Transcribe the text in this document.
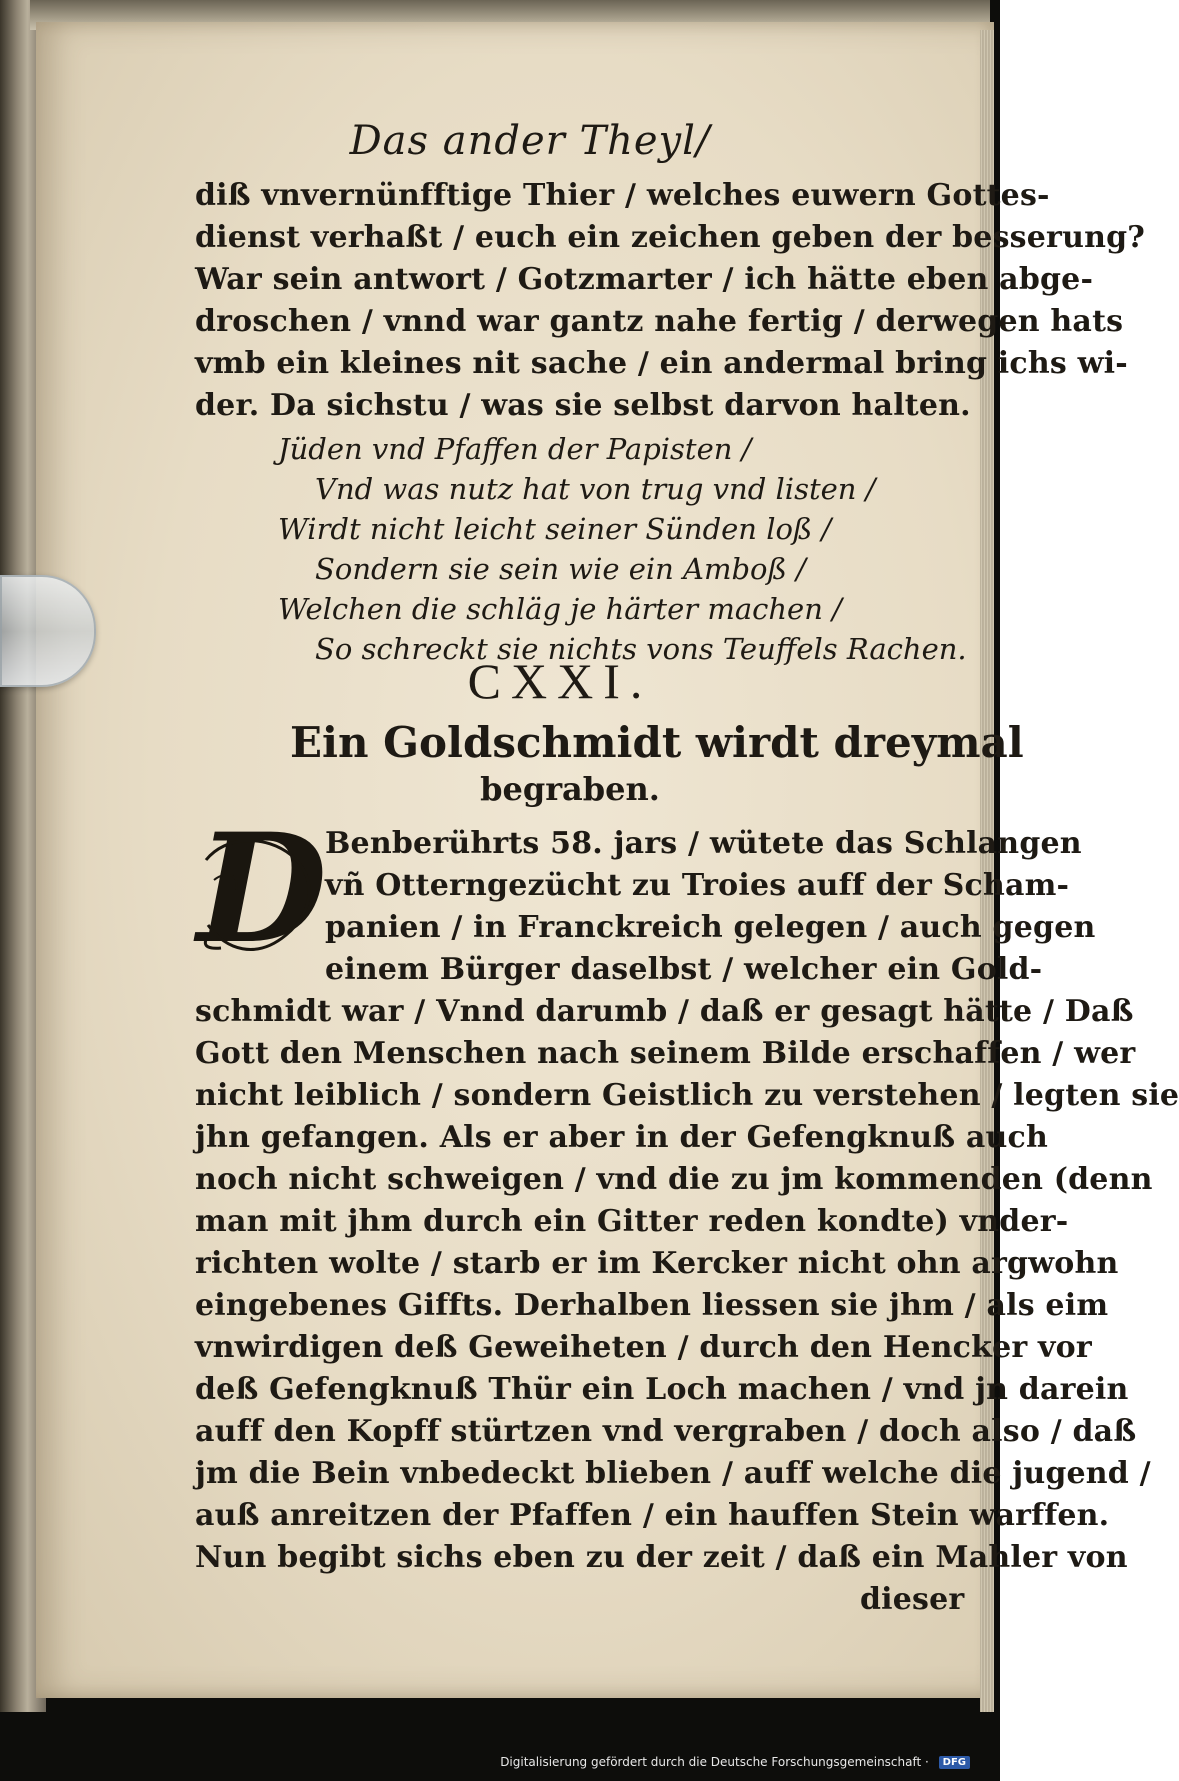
Das ander Theyl/
diß vnvernünfftige Thier / welches euwern Gottes-
dienst verhaßt / euch ein zeichen geben der besserung?
War sein antwort / Gotzmarter / ich hätte eben abge-
droschen / vnnd war gantz nahe fertig / derwegen hats
vmb ein kleines nit sache / ein andermal bring ichs wi-
der. Da sichstu / was sie selbst darvon halten.
Jüden vnd Pfaffen der Papisten /
Vnd was nutz hat von trug vnd listen /
Wirdt nicht leicht seiner Sünden loß /
Sondern sie sein wie ein Amboß /
Welchen die schläg je härter machen /
So schreckt sie nichts vons Teuffels Rachen.
CXXI.
Ein Goldschmidt wirdt dreymal
begraben.
D
Benberührts 58. jars / wütete das Schlangen
vñ Otterngezücht zu Troies auff der Scham-
panien / in Franckreich gelegen / auch gegen
einem Bürger daselbst / welcher ein Gold-
schmidt war / Vnnd darumb / daß er gesagt hätte / Daß
Gott den Menschen nach seinem Bilde erschaffen / wer
nicht leiblich / sondern Geistlich zu verstehen / legten sie
jhn gefangen. Als er aber in der Gefengknuß auch
noch nicht schweigen / vnd die zu jm kommenden (denn
man mit jhm durch ein Gitter reden kondte) vnder-
richten wolte / starb er im Kercker nicht ohn argwohn
eingebenes Giffts. Derhalben liessen sie jhm / als eim
vnwirdigen deß Geweiheten / durch den Hencker vor
deß Gefengknuß Thür ein Loch machen / vnd jn darein
auff den Kopff stürtzen vnd vergraben / doch also / daß
jm die Bein vnbedeckt blieben / auff welche die jugend /
auß anreitzen der Pfaffen / ein hauffen Stein warffen.
Nun begibt sichs eben zu der zeit / daß ein Mahler von
dieser
Digitalisierung gefördert durch die Deutsche Forschungsgemeinschaft · DFG
